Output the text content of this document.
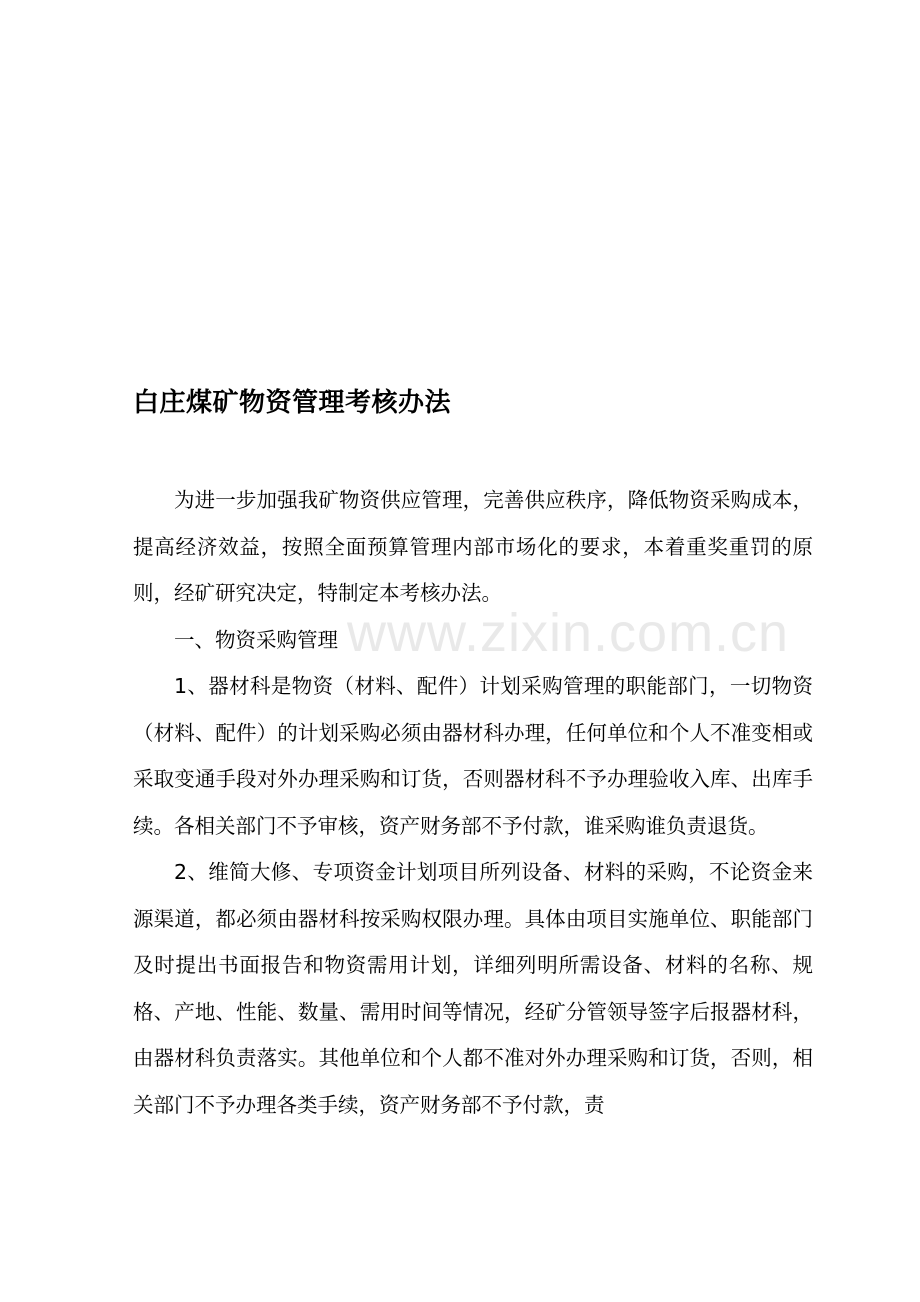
www.zixin.com.cn
白庄煤矿物资管理考核办法

为进一步加强我矿物资供应管理，完善供应秩序，降低物资采购成本，提高经济效益，按照全面预算管理内部市场化的要求，本着重奖重罚的原则，经矿研究决定，特制定本考核办法。

一、物资采购管理

1、器材科是物资（材料、配件）计划采购管理的职能部门，一切物资（材料、配件）的计划采购必须由器材科办理，任何单位和个人不准变相或采取变通手段对外办理采购和订货，否则器材科不予办理验收入库、出库手续。各相关部门不予审核，资产财务部不予付款，谁采购谁负责退货。

2、维简大修、专项资金计划项目所列设备、材料的采购，不论资金来源渠道，都必须由器材科按采购权限办理。具体由项目实施单位、职能部门及时提出书面报告和物资需用计划，详细列明所需设备、材料的名称、规格、产地、性能、数量、需用时间等情况，经矿分管领导签字后报器材科，由器材科负责落实。其他单位和个人都不准对外办理采购和订货，否则，相关部门不予办理各类手续，资产财务部不予付款，责
